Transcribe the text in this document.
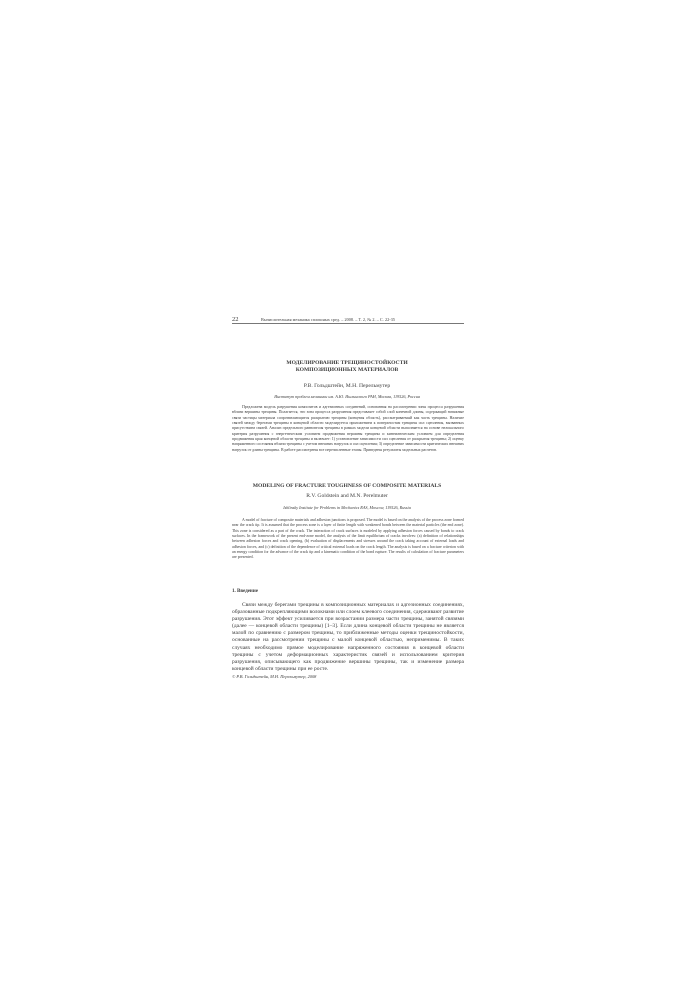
22	Вычислительная механика сплошных сред. – 2008. – Т. 2, № 2. – С. 22-35
МОДЕЛИРОВАНИЕ ТРЕЩИНОСТОЙКОСТИ КОМПОЗИЦИОННЫХ МАТЕРИАЛОВ
Р.В. Гольдштейн, М.Н. Перельмутер
Институт проблем механики им. А.Ю. Ишлинского РАН, Москва, 119526, Россия
Предложена модель разрушения композитов и адгезионных соединений, основанная на рассмотрении зоны процесса разрушения вблизи вершины трещины. Полагается, что зона процесса разрушения представляет собой слой конечной длины, содержащий натяжные связи частицы материала сопротивляющиеся раскрытию трещины (концевая область), рассматриваемый как часть трещины. Наличие связей между берегами трещины в концевой области моделируется приложением к поверхностям трещины сил сцепления, вызванных присутствием связей. Анализ предельного равновесия трещины в рамках модели концевой области выполняется на основе нелокального критерия разрушения с энергетическим условием продвижения вершины трещины и кинематическим условием для определения продвижения края концевой области трещины и включает: 1) установление зависимости сил сцепления от раскрытия трещины; 2) оценку напряженного состояния вблизи трещины с учетом внешних нагрузок и сил сцепления; 3) определение зависимости критических внешних нагрузок от длины трещины. В работе рассмотрены все перечисленные этапы. Приведены результаты модельных расчетов.
MODELING OF FRACTURE TOUGHNESS OF COMPOSITE MATERIALS
R.V. Goldstein and M.N. Perelmuter
Ishlinsky Institute for Problems in Mechanics RAS, Moscow, 119526, Russia
A model of fracture of composite materials and adhesion junctions is proposed. The model is based on the analysis of the process zone formed near the crack tip. It is assumed that the process zone is a layer of finite length with weakened bonds between the material particles (the end zone). This zone is considered as a part of the crack. The interaction of crack surfaces is modeled by applying adhesion forces caused by bonds to crack surfaces. In the framework of the present end-zone model, the analysis of the limit equilibrium of cracks involves: (a) definition of relationships between adhesion forces and crack opening, (b) evaluation of displacements and stresses around the crack taking account of external loads and adhesion forces, and (c) definition of the dependence of critical external loads on the crack length. The analysis is based on a fracture criterion with an energy condition for the advance of the crack tip and a kinematic condition of the bond rupture. The results of calculation of fracture parameters are presented.
1. Введение
Связи между берегами трещины в композиционных материалах и адгезионных соединениях, образованные подкрепляющими волокнами или слоем клеевого соединения, сдерживают развитие разрушения. Этот эффект усиливается при возрастании размера части трещины, занятой связями (далее — концевой области трещины) [1–3]. Если длина концевой области трещины не является малой по сравнению с размером трещины, то приближенные методы оценки трещиностойкости, основанные на рассмотрении трещины с малой концевой областью, неприменимы. В таких случаях необходимо прямое моделирование напряженного состояния в концевой области трещины с учетом деформационных характеристик связей и использованием критерия разрушения, описывающего как продвижение вершины трещины, так и изменение размера концевой области трещины при ее росте.
© Р.В. Гольдштейн, М.Н. Перельмутер, 2008
